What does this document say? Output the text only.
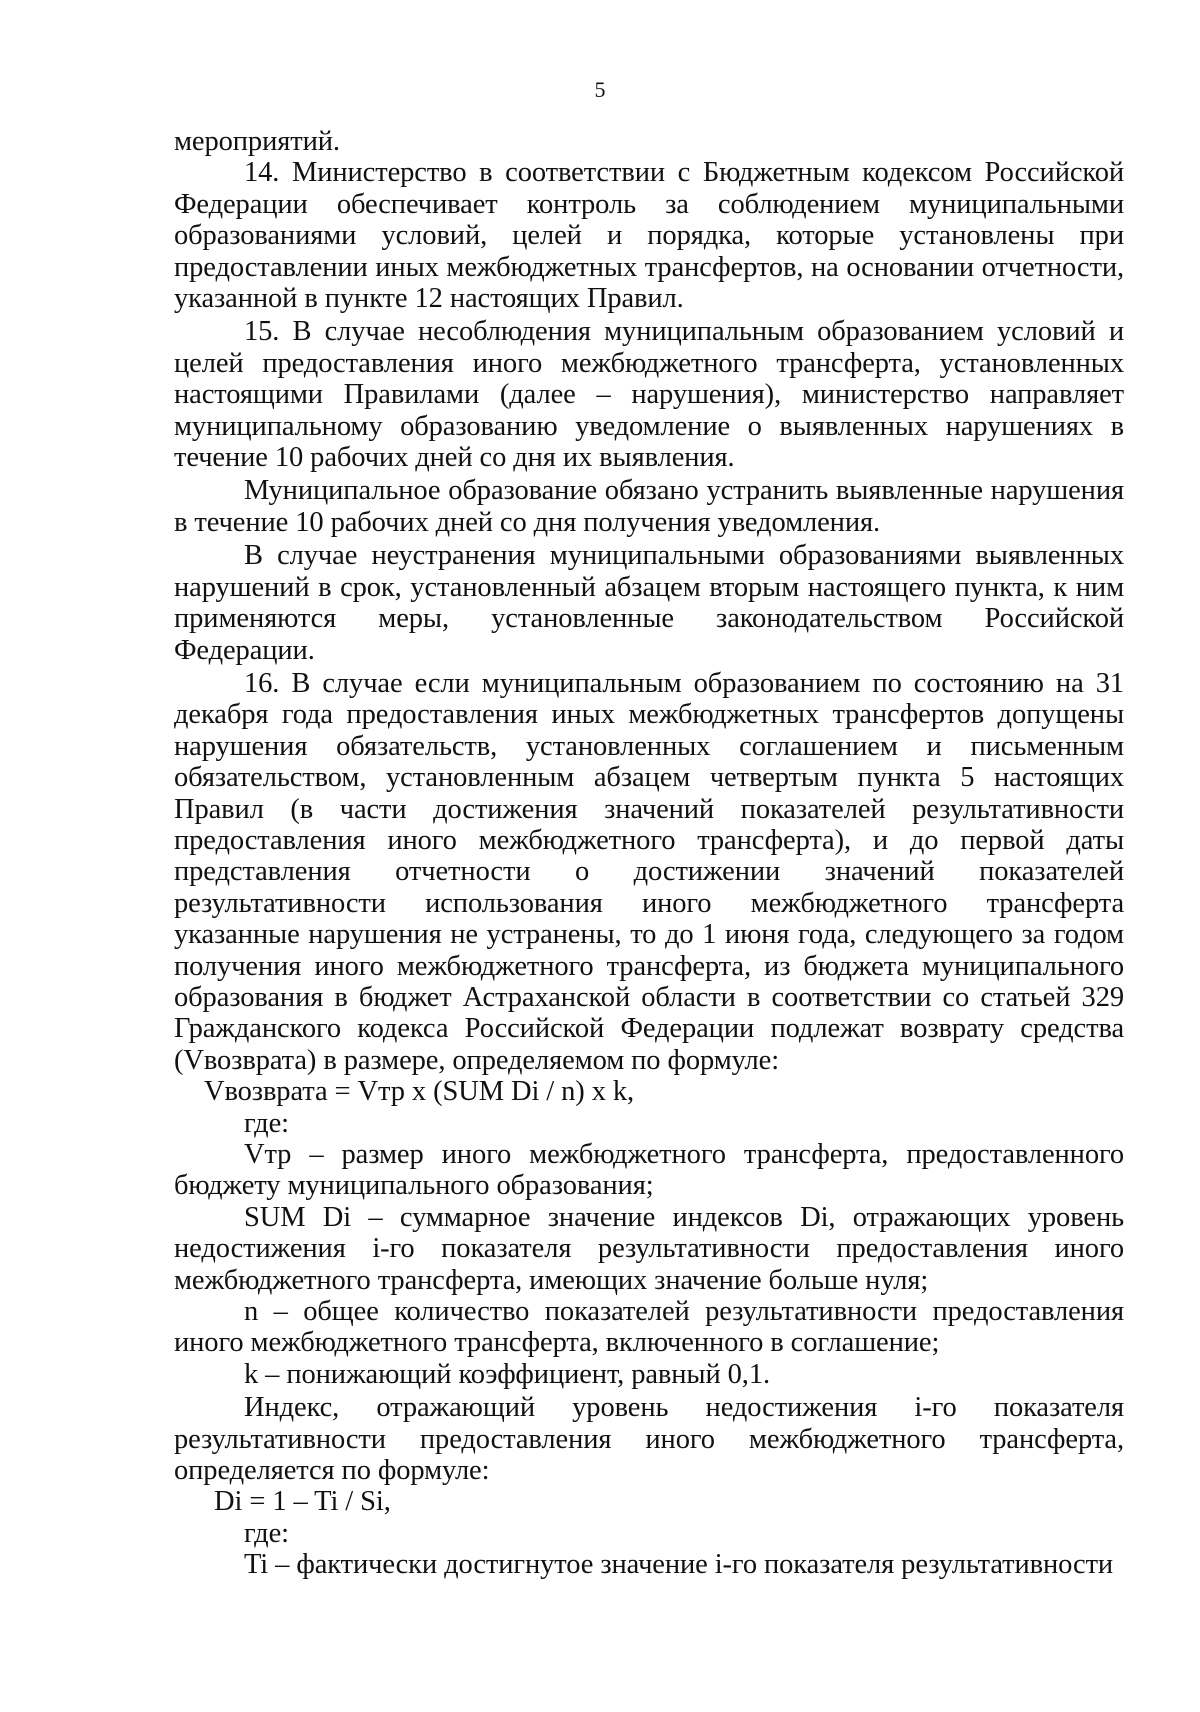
5

мероприятий.

14. Министерство в соответствии с Бюджетным кодексом Российской Федерации обеспечивает контроль за соблюдением муниципальными образованиями условий, целей и порядка, которые установлены при предоставлении иных межбюджетных трансфертов, на основании отчетности, указанной в пункте 12 настоящих Правил.

15. В случае несоблюдения муниципальным образованием условий и целей предоставления иного межбюджетного трансферта, установленных настоящими Правилами (далее – нарушения), министерство направляет муниципальному образованию уведомление о выявленных нарушениях в течение 10 рабочих дней со дня их выявления.

Муниципальное образование обязано устранить выявленные нарушения в течение 10 рабочих дней со дня получения уведомления.

В случае неустранения муниципальными образованиями выявленных нарушений в срок, установленный абзацем вторым настоящего пункта, к ним применяются меры, установленные законодательством Российской Федерации.

16. В случае если муниципальным образованием по состоянию на 31 декабря года предоставления иных межбюджетных трансфертов допущены нарушения обязательств, установленных соглашением и письменным обязательством, установленным абзацем четвертым пункта 5 настоящих Правил (в части достижения значений показателей результативности предоставления иного межбюджетного трансферта), и до первой даты представления отчетности о достижении значений показателей результативности использования иного межбюджетного трансферта указанные нарушения не устранены, то до 1 июня года, следующего за годом получения иного межбюджетного трансферта, из бюджета муниципального образования в бюджет Астраханской области в соответствии со статьей 329 Гражданского кодекса Российской Федерации подлежат возврату средства (Vвозврата) в размере, определяемом по формуле:

Vвозврата = Vтр x (SUM Di / n) x k,

где:

Vтр – размер иного межбюджетного трансферта, предоставленного бюджету муниципального образования;

SUM Di – суммарное значение индексов Di, отражающих уровень недостижения i-го показателя результативности предоставления иного межбюджетного трансферта, имеющих значение больше нуля;

n – общее количество показателей результативности предоставления иного межбюджетного трансферта, включенного в соглашение;

k – понижающий коэффициент, равный 0,1.

Индекс, отражающий уровень недостижения i-го показателя результативности предоставления иного межбюджетного трансферта, определяется по формуле:

Di = 1 – Ti / Si,

где:

Ti – фактически достигнутое значение i-го показателя результативности
